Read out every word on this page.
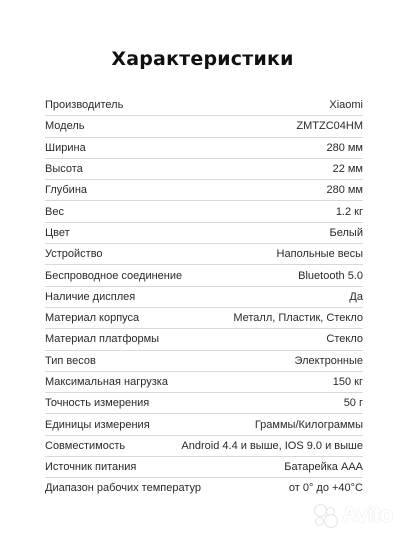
Характеристики
Производитель	Xiaomi
Модель	ZMTZC04HM
Ширина	280 мм
Высота	22 мм
Глубина	280 мм
Вес	1.2 кг
Цвет	Белый
Устройство	Напольные весы
Беспроводное соединение	Bluetooth 5.0
Наличие дисплея	Да
Материал корпуса	Металл, Пластик, Стекло
Материал платформы	Стекло
Тип весов	Электронные
Максимальная нагрузка	150 кг
Точность измерения	50 г
Единицы измерения	Граммы/Килограммы
Совместимость	Android 4.4 и выше, IOS 9.0 и выше
Источник питания	Батарейка AAA
Диапазон рабочих температур	от 0° до +40°С
Avito
